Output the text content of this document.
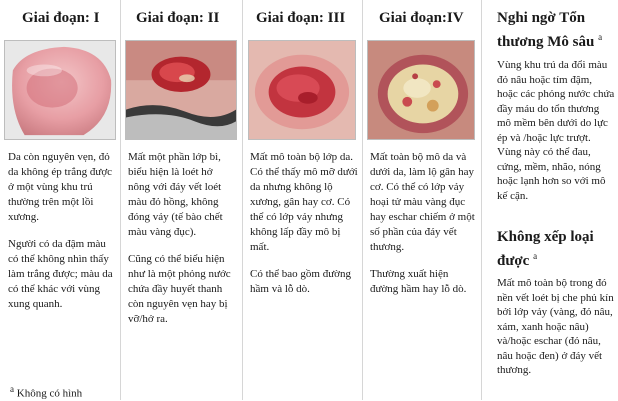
Giai đoạn: I Giai đoạn: II Giai đoạn: III Giai đoạn:IV

Da còn nguyên vẹn, đỏ da không ép trắng được ở một vùng khu trú thường trên một lồi xương.

Người có da đậm màu có thể không nhìn thấy làm trắng được; màu da có thể khác với vùng xung quanh.

Mất một phần lớp bì, biểu hiện là loét hở nông với đáy vết loét màu đỏ hồng, không đóng vảy (tế bào chết màu vàng đục).

Cũng có thể biểu hiện như là một phỏng nước chứa đầy huyết thanh còn nguyên vẹn hay bị vỡ/hở ra.

Mất mô toàn bộ lớp da. Có thể thấy mô mỡ dưới da nhưng không lộ xương, gân hay cơ. Có thể có lớp vảy nhưng không lấp đầy mô bị mất.

Có thể bao gồm đường hầm và lỗ dò.

Mất toàn bộ mô da và dưới da, làm lộ gân hay cơ. Có thể có lớp vảy hoại tử màu vàng đục hay eschar chiếm ở một số phần của đáy vết thương.

Thường xuất hiện đường hầm hay lỗ dò.

Nghi ngờ Tổn thương Mô sâu $^a$
Vùng khu trú da đổi màu đỏ nâu hoặc tím đậm, hoặc các phỏng nước chứa đầy máu do tổn thương mô mềm bên dưới do lực ép và /hoặc lực trượt. Vùng này có thể đau, cứng, mềm, nhão, nóng hoặc lạnh hơn so với mô kế cận.
Không xếp loại được $^a$
Mất mô toàn bộ trong đó nền vết loét bị che phủ kín bởi lớp vảy (vàng, đỏ nâu, xám, xanh hoặc nâu) và/hoặc eschar (đỏ nâu, nâu hoặc đen) ở đáy vết thương.
$^a$ Không có hình
